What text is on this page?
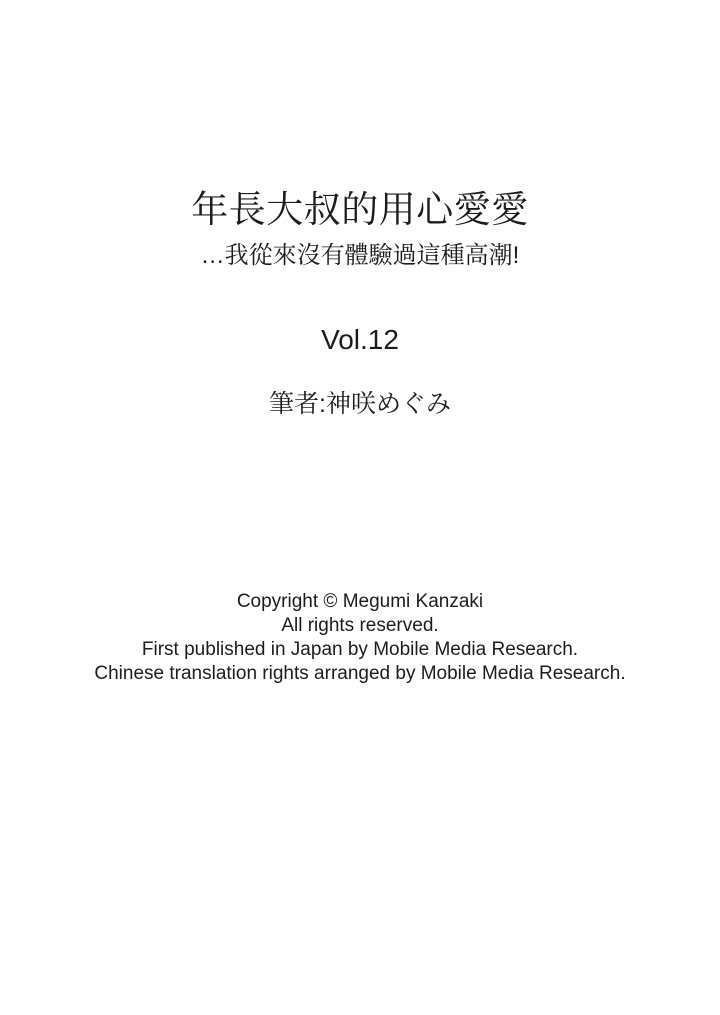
年長大叔的用心愛愛
…我從來沒有體驗過這種高潮!
Vol.12
筆者:神咲めぐみ
Copyright © Megumi Kanzaki
All rights reserved.
First published in Japan by Mobile Media Research.
Chinese translation rights arranged by Mobile Media Research.
